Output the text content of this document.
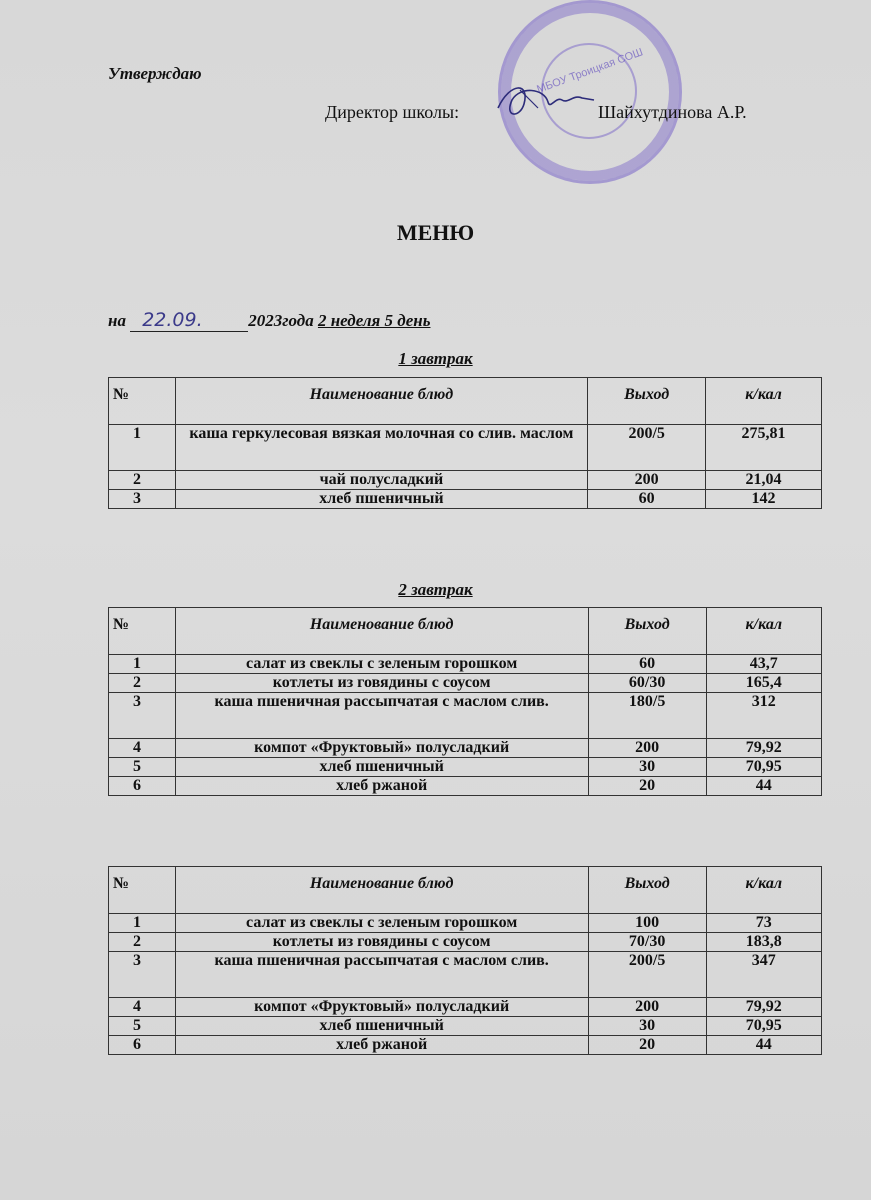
МБОУ Троицкая СОШ
Утверждаю
Директор школы:	Шайхутдинова А.Р.
МЕНЮ
на 22.09.	2023года 2 неделя 5 день
1 завтрак
№	Наименование блюд	Выход	к/кал
1	каша геркулесовая вязкая молочная со слив. маслом	200/5	275,81
2	чай полусладкий	200	21,04
3	хлеб пшеничный	60	142
2 завтрак
№	Наименование блюд	Выход	к/кал
1	салат из свеклы с зеленым горошком	60	43,7
2	котлеты из говядины с соусом	60/30	165,4
3	каша пшеничная рассыпчатая с маслом слив.	180/5	312
4	компот «Фруктовый» полусладкий	200	79,92
5	хлеб пшеничный	30	70,95
6	хлеб ржаной	20	44
№	Наименование блюд	Выход	к/кал
1	салат из свеклы с зеленым горошком	100	73
2	котлеты из говядины с соусом	70/30	183,8
3	каша пшеничная рассыпчатая с маслом слив.	200/5	347
4	компот «Фруктовый» полусладкий	200	79,92
5	хлеб пшеничный	30	70,95
6	хлеб ржаной	20	44
